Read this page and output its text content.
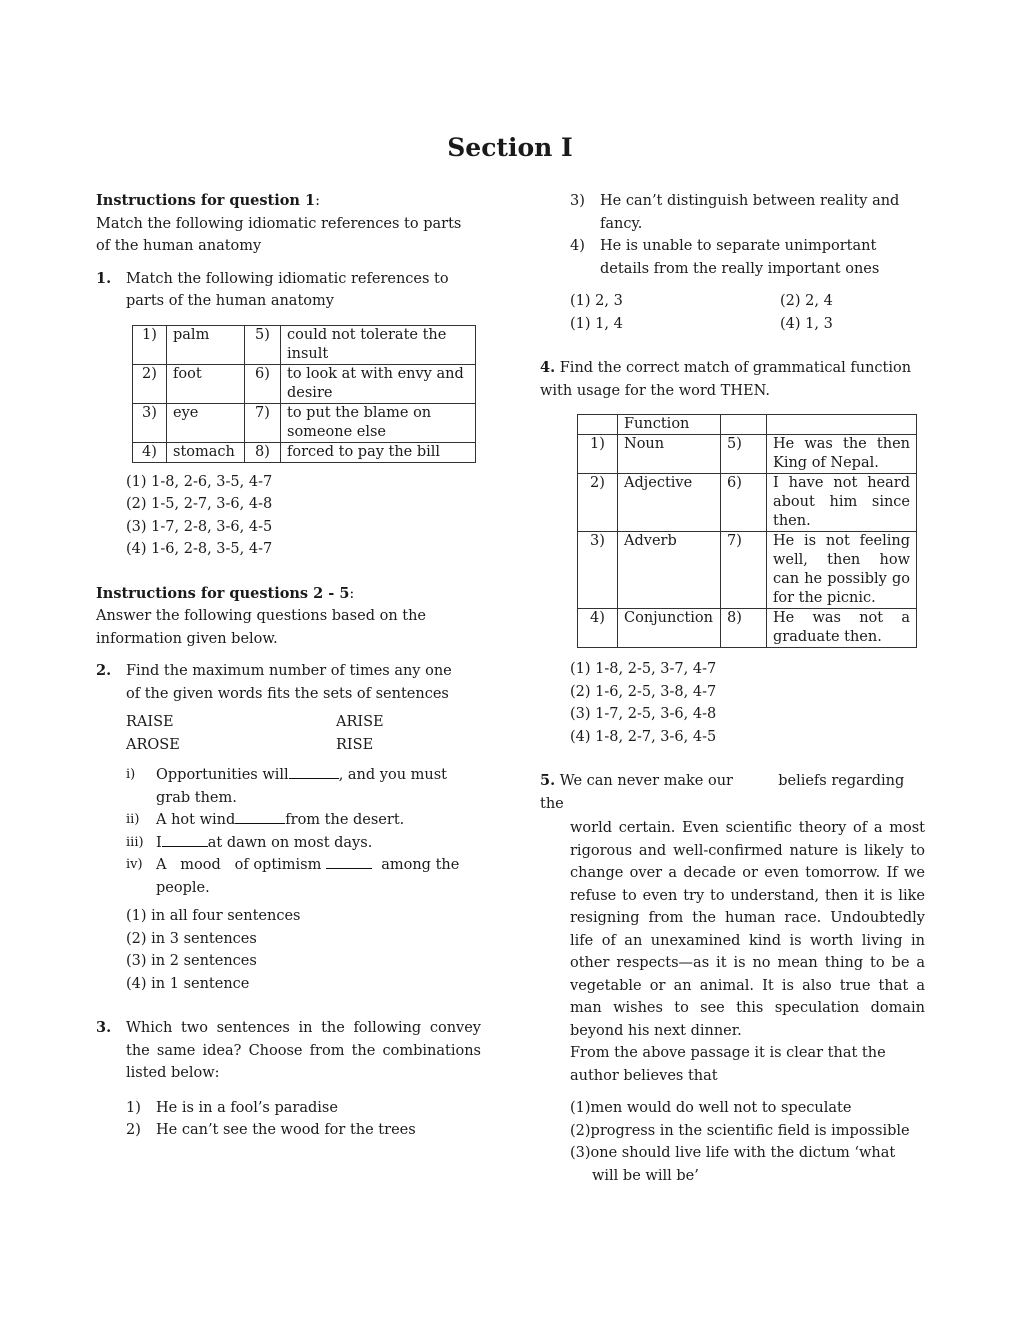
Section I

Instructions for question 1:

Match the following idiomatic references to parts of the human anatomy

1.	Match the following idiomatic references to parts of the human anatomy
1)	palm	5)	could not tolerate the insult
2)	foot	6)	to look at with envy and desire
3)	eye	7)	to put the blame on someone else
4)	stomach	8)	forced to pay the bill
(1) 1-8, 2-6, 3-5, 4-7
(2) 1-5, 2-7, 3-6, 4-8
(3) 1-7, 2-8, 3-6, 4-5
(4) 1-6, 2-8, 3-5, 4-7

Instructions for questions 2 - 5:

Answer the following questions based on the information given below.

2.	Find the maximum number of times any one of the given words fits the sets of sentences
RAISE	ARISE
AROSE	RISE
i)	Opportunities will	, and you must grab them.
ii)	A hot wind	from the desert.
iii) I	at dawn on most days.
iv) A   mood   of optimism	among the people.
(1) in all four sentences
(2) in 3 sentences
(3) in 2 sentences
(4) in 1 sentence
3.	Which two sentences in the following convey the same idea? Choose from the combinations listed below:
1)	He is in a fool’s paradise
2)	He can’t see the wood for the trees
3)	He can’t distinguish between reality and fancy.
4)	He is unable to separate unimportant details from the really important ones
(1) 2, 3	(2) 2, 4
(1) 1, 4	(4) 1, 3
4. Find the correct match of grammatical function with usage for the word THEN.
	Function		
1)	Noun	5)	He was the then King of Nepal.
2)	Adjective	6)	I have not heard about him since then.
3)	Adverb	7)	He is not feeling well, then how can he possibly go for the picnic.
4)	Conjunction	8)	He was not a graduate then.
(1) 1-8, 2-5, 3-7, 4-7
(2) 1-6, 2-5, 3-8, 4-7
(3) 1-7, 2-5, 3-6, 4-8
(4) 1-8, 2-7, 3-6, 4-5
5. We can never make our	beliefs regarding the

world certain. Even scientific theory of a most rigorous and well-confirmed nature is likely to change over a decade or even tomorrow. If we refuse to even try to understand, then it is like resigning from the human race. Undoubtedly life of an unexamined kind is worth living in other respects—as it is no mean thing to be a vegetable or an animal. It is also true that a man wishes to see this speculation domain beyond his next dinner.

From the above passage it is clear that the author believes that

(1)men would do well not to speculate
(2)progress in the scientific field is impossible
(3)one should live life with the dictum ‘what will be will be’
